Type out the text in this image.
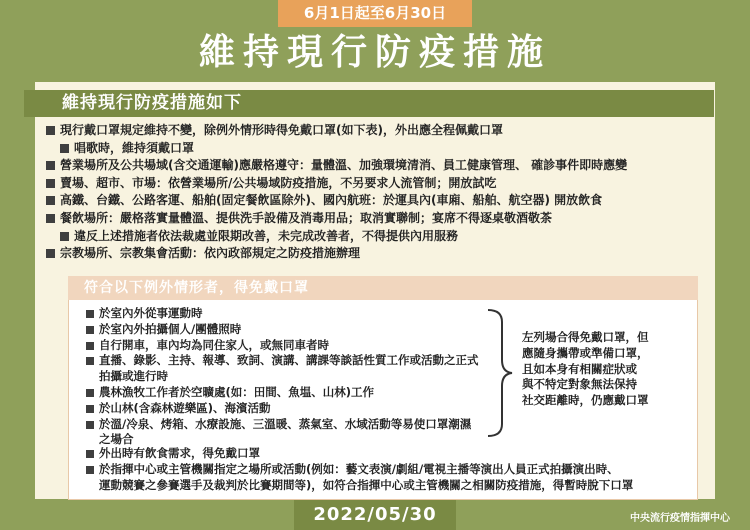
6月1日起至6月30日
維持現行防疫措施
維持現行防疫措施如下
現行戴口罩規定維持不變，除例外情形時得免戴口罩(如下表)，外出應全程佩戴口罩
唱歌時，維持須戴口罩
營業場所及公共場域(含交通運輸)應嚴格遵守：量體溫、加強環境清消、員工健康管理、 確診事件即時應變
賣場、超市、市場：依營業場所/公共場域防疫措施，不另要求人流管制；開放試吃
高鐵、台鐵、公路客運、船舶(固定餐飲區除外)、國內航班：於運具內(車廂、船舶、航空器) 開放飲食
餐飲場所：嚴格落實量體溫、提供洗手設備及消毒用品；取消實聯制；宴席不得逐桌敬酒敬茶
違反上述措施者依法裁處並限期改善，未完成改善者，不得提供內用服務
宗教場所、宗教集會活動：依內政部規定之防疫措施辦理
符合以下例外情形者，得免戴口罩
於室內外從事運動時
於室內外拍攝個人/團體照時
自行開車，車內均為同住家人，或無同車者時
直播、錄影、主持、報導、致詞、演講、講課等談話性質工作或活動之正式拍攝或進行時
農林漁牧工作者於空曠處(如：田間、魚塭、山林)工作
於山林(含森林遊樂區)、海濱活動
於溫/冷泉、烤箱、水療設施、三溫暖、蒸氣室、水域活動等易使口罩潮濕之場合
左列場合得免戴口罩，但
應隨身攜帶或準備口罩，
且如本身有相關症狀或
與不特定對象無法保持
社交距離時，仍應戴口罩
外出時有飲食需求，得免戴口罩
於指揮中心或主管機關指定之場所或活動(例如：藝文表演/劇組/電視主播等演出人員正式拍攝演出時、
運動競賽之參賽選手及裁判於比賽期間等)，如符合指揮中心或主管機關之相關防疫措施，得暫時脫下口罩
2022/05/30	中央流行疫情指揮中心
